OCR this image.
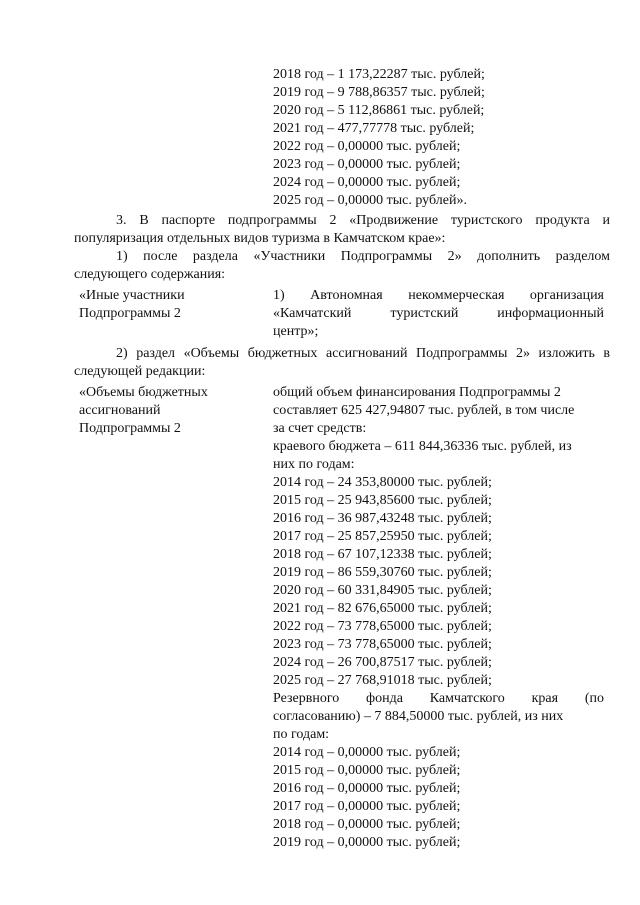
2018 год – 1 173,22287 тыс. рублей;
2019 год – 9 788,86357 тыс. рублей;
2020 год – 5 112,86861 тыс. рублей;
2021 год – 477,77778 тыс. рублей;
2022 год – 0,00000 тыс. рублей;
2023 год – 0,00000 тыс. рублей;
2024 год – 0,00000 тыс. рублей;
2025 год – 0,00000 тыс. рублей».
3. В паспорте подпрограммы 2 «Продвижение туристского продукта и
популяризация отдельных видов туризма в Камчатском крае»:
1) после раздела «Участники Подпрограммы 2» дополнить разделом
следующего содержания:
«Иные участники
Подпрограммы 2
1) Автономная некоммерческая организация
«Камчатский туристский информационный
центр»;
2) раздел «Объемы бюджетных ассигнований Подпрограммы 2» изложить в
следующей редакции:
«Объемы бюджетных
ассигнований
Подпрограммы 2
общий объем финансирования Подпрограммы 2
составляет 625 427,94807 тыс. рублей, в том числе
за счет средств:
краевого бюджета – 611 844,36336 тыс. рублей, из
них по годам:
2014 год – 24 353,80000 тыс. рублей;
2015 год – 25 943,85600 тыс. рублей;
2016 год – 36 987,43248 тыс. рублей;
2017 год – 25 857,25950 тыс. рублей;
2018 год – 67 107,12338 тыс. рублей;
2019 год – 86 559,30760 тыс. рублей;
2020 год – 60 331,84905 тыс. рублей;
2021 год – 82 676,65000 тыс. рублей;
2022 год – 73 778,65000 тыс. рублей;
2023 год – 73 778,65000 тыс. рублей;
2024 год – 26 700,87517 тыс. рублей;
2025 год – 27 768,91018 тыс. рублей;
Резервного фонда Камчатского края (по
согласованию) – 7 884,50000 тыс. рублей, из них
по годам:
2014 год – 0,00000 тыс. рублей;
2015 год – 0,00000 тыс. рублей;
2016 год – 0,00000 тыс. рублей;
2017 год – 0,00000 тыс. рублей;
2018 год – 0,00000 тыс. рублей;
2019 год – 0,00000 тыс. рублей;
